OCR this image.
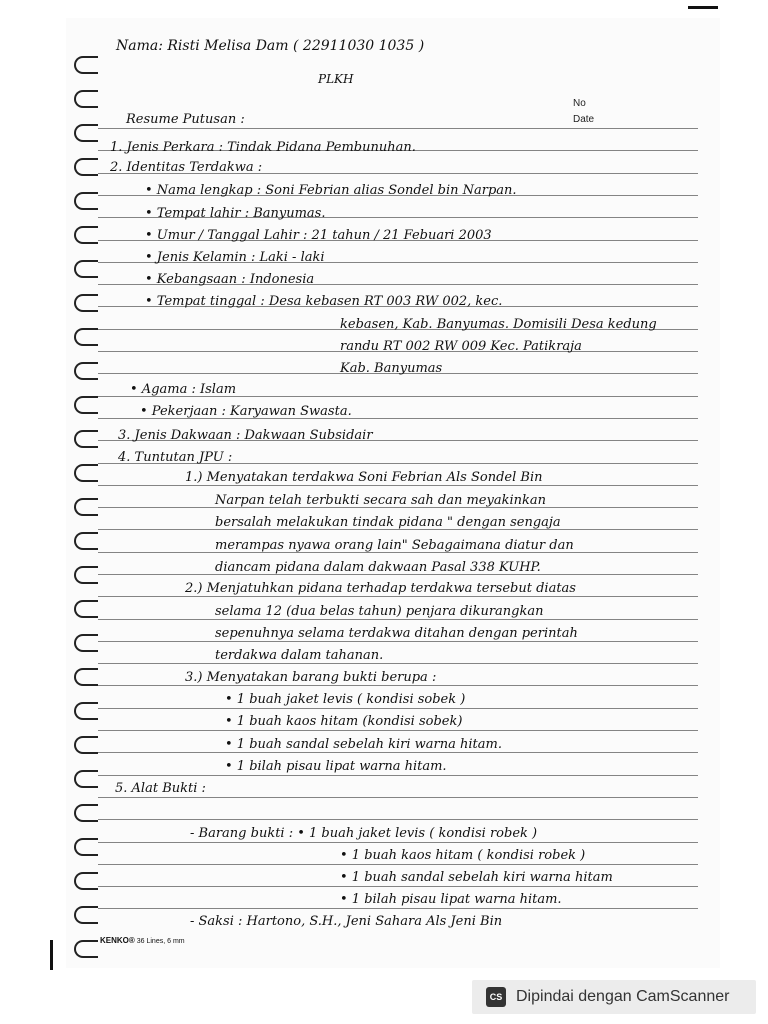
No
Date
Nama: Risti Melisa Dam ( 22911030 1035 )
PLKH
Resume Putusan :
1. Jenis Perkara : Tindak Pidana Pembunuhan.
2. Identitas Terdakwa :
• Nama lengkap : Soni Febrian alias Sondel bin Narpan.
• Tempat lahir : Banyumas.
• Umur / Tanggal Lahir : 21 tahun / 21 Febuari 2003
• Jenis Kelamin : Laki - laki
• Kebangsaan : Indonesia
• Tempat tinggal : Desa kebasen RT 003 RW 002, kec.
kebasen, Kab. Banyumas. Domisili Desa kedung
randu RT 002 RW 009 Kec. Patikraja
Kab. Banyumas
• Agama : Islam
• Pekerjaan : Karyawan Swasta.
3. Jenis Dakwaan : Dakwaan Subsidair
4. Tuntutan JPU :
1.) Menyatakan terdakwa Soni Febrian Als Sondel Bin
Narpan telah terbukti secara sah dan meyakinkan
bersalah melakukan tindak pidana " dengan sengaja
merampas nyawa orang lain" Sebagaimana diatur dan
diancam pidana dalam dakwaan Pasal 338 KUHP.
2.) Menjatuhkan pidana terhadap terdakwa tersebut diatas
selama 12 (dua belas tahun) penjara dikurangkan
sepenuhnya selama terdakwa ditahan dengan perintah
terdakwa dalam tahanan.
3.) Menyatakan barang bukti berupa :
• 1 buah jaket levis ( kondisi sobek )
• 1 buah kaos hitam (kondisi sobek)
• 1 buah sandal sebelah kiri warna hitam.
• 1 bilah pisau lipat warna hitam.
5. Alat Bukti :
- Barang bukti : • 1 buah jaket levis ( kondisi robek )
• 1 buah kaos hitam ( kondisi robek )
• 1 buah sandal sebelah kiri warna hitam
• 1 bilah pisau lipat warna hitam.
- Saksi : Hartono, S.H., Jeni Sahara Als Jeni Bin
KENKO® 36 Lines, 6 mm
CS Dipindai dengan CamScanner
